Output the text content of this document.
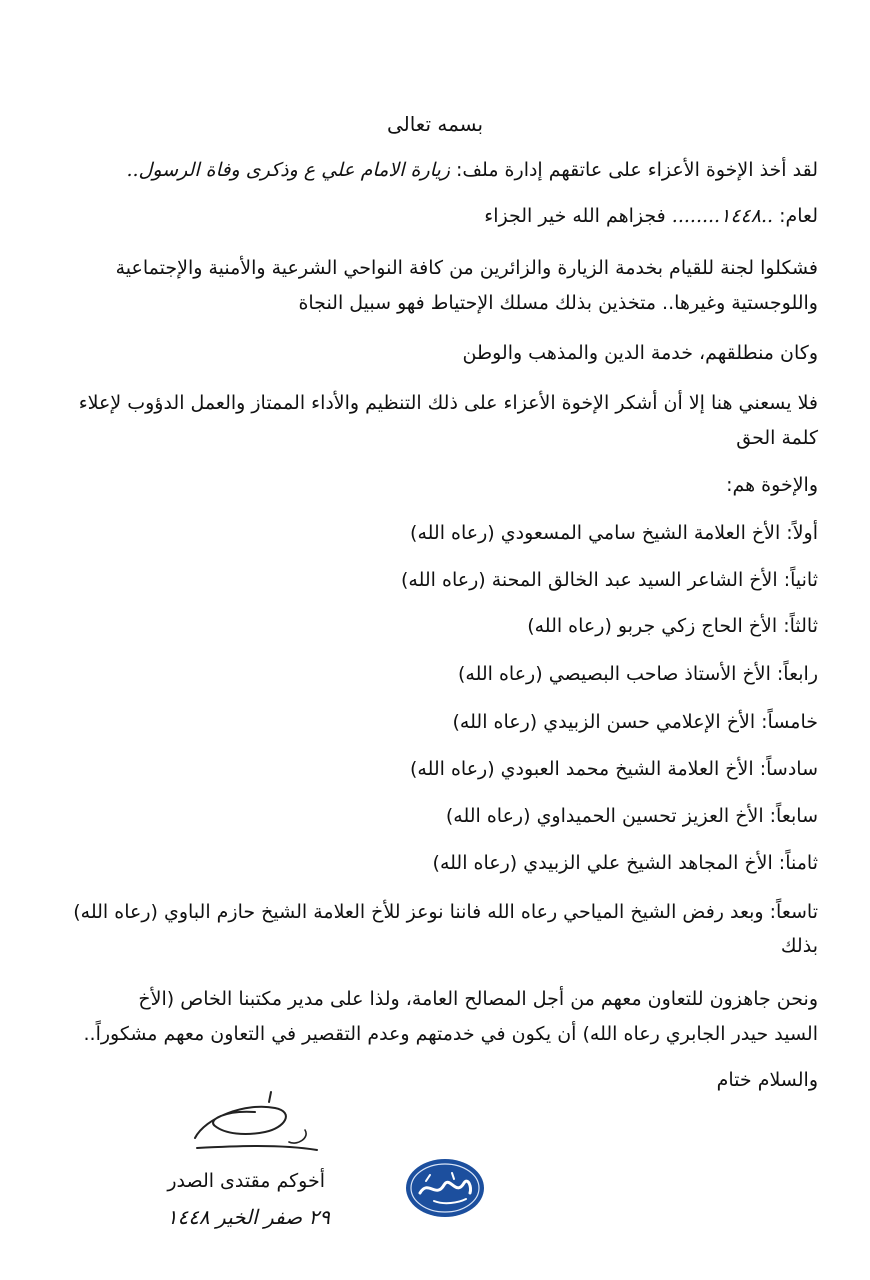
بسمه تعالى
لقد أخذ الإخوة الأعزاء على عاتقهم إدارة ملف: زيارة الامام علي ع وذكرى وفاة الرسول..
لعام: ..١٤٤٨........ فجزاهم الله خير الجزاء
فشكلوا لجنة للقيام بخدمة الزيارة والزائرين من كافة النواحي الشرعية والأمنية والإجتماعية
واللوجستية وغيرها.. متخذين بذلك مسلك الإحتياط فهو سبيل النجاة
وكان منطلقهم، خدمة الدين والمذهب والوطن
فلا يسعني هنا إلا أن أشكر الإخوة الأعزاء على ذلك التنظيم والأداء الممتاز والعمل الدؤوب لإعلاء
كلمة الحق
والإخوة هم:
أولاً: الأخ العلامة الشيخ سامي المسعودي (رعاه الله)
ثانياً: الأخ الشاعر السيد عبد الخالق المحنة (رعاه الله)
ثالثاً: الأخ الحاج زكي جربو (رعاه الله)
رابعاً: الأخ الأستاذ صاحب البصيصي (رعاه الله)
خامساً: الأخ الإعلامي حسن الزبيدي (رعاه الله)
سادساً: الأخ العلامة الشيخ محمد العبودي (رعاه الله)
سابعاً: الأخ العزيز تحسين الحميداوي (رعاه الله)
ثامناً: الأخ المجاهد الشيخ علي الزبيدي (رعاه الله)
تاسعاً: وبعد رفض الشيخ المياحي رعاه الله فاننا نوعز للأخ العلامة الشيخ حازم الباوي (رعاه الله)
بذلك
ونحن جاهزون للتعاون معهم من أجل المصالح العامة، ولذا على مدير مكتبنا الخاص (الأخ
السيد حيدر الجابري رعاه الله) أن يكون في خدمتهم وعدم التقصير في التعاون معهم مشكوراً..
والسلام ختام
أخوكم مقتدى الصدر
٢٩ صفر الخير ١٤٤٨
